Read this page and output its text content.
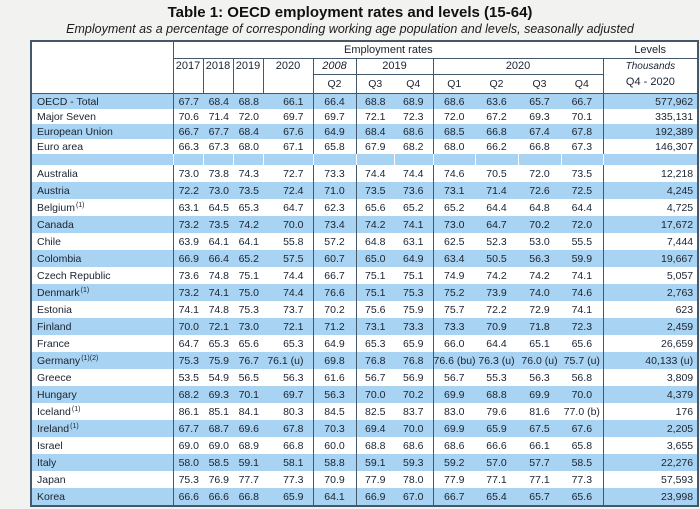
Table 1: OECD employment rates and levels (15-64)
Employment as a percentage of corresponding working age population and levels, seasonally adjusted
	Employment rates											Levels
	2017	2018	2019	2020	2008	2019		2020				Thousands
Q4 - 2020

					Q2	Q3	Q4	Q1	Q2	Q3	Q4	
OECD - Total	67.7	68.4	68.8	66.1	66.4	68.8	68.9	68.6	63.6	65.7	66.7	577,962
Major Seven	70.6	71.4	72.0	69.7	69.7	72.1	72.3	72.0	67.2	69.3	70.1	335,131
European Union	66.7	67.7	68.4	67.6	64.9	68.4	68.6	68.5	66.8	67.4	67.8	192,389
Euro area	66.3	67.3	68.0	67.1	65.8	67.9	68.2	68.0	66.2	66.8	67.3	146,307

Australia	73.0	73.8	74.3	72.7	73.3	74.4	74.4	74.6	70.5	72.0	73.5	12,218
Austria	72.2	73.0	73.5	72.4	71.0	73.5	73.6	73.1	71.4	72.6	72.5	4,245
Belgium$^{(1)}$	63.1	64.5	65.3	64.7	62.3	65.6	65.2	65.2	64.4	64.8	64.4	4,725
Canada	73.2	73.5	74.2	70.0	73.4	74.2	74.1	73.0	64.7	70.2	72.0	17,672
Chile	63.9	64.1	64.1	55.8	57.2	64.8	63.1	62.5	52.3	53.0	55.5	7,444
Colombia	66.9	66.4	65.2	57.5	60.7	65.0	64.9	63.4	50.5	56.3	59.9	19,667
Czech Republic	73.6	74.8	75.1	74.4	66.7	75.1	75.1	74.9	74.2	74.2	74.1	5,057
Denmark$^{(1)}$	73.2	74.1	75.0	74.4	76.6	75.1	75.3	75.2	73.9	74.0	74.6	2,763
Estonia	74.1	74.8	75.3	73.7	70.2	75.6	75.9	75.7	72.2	72.9	74.1	623
Finland	70.0	72.1	73.0	72.1	71.2	73.1	73.3	73.3	70.9	71.8	72.3	2,459
France	64.7	65.3	65.6	65.3	64.9	65.3	65.9	66.0	64.4	65.1	65.6	26,659
Germany$^{(1)(2)}$	75.3	75.9	76.7	76.1 (u)	69.8	76.8	76.8	76.6 (bu)	76.3 (u)	76.0 (u)	75.7 (u)	40,133 (u)
Greece	53.5	54.9	56.5	56.3	61.6	56.7	56.9	56.7	55.3	56.3	56.8	3,809
Hungary	68.2	69.3	70.1	69.7	56.3	70.0	70.2	69.9	68.8	69.9	70.0	4,379
Iceland$^{(1)}$	86.1	85.1	84.1	80.3	84.5	82.5	83.7	83.0	79.6	81.6	77.0 (b)	176
Ireland$^{(1)}$	67.7	68.7	69.6	67.8	70.3	69.4	70.0	69.9	65.9	67.5	67.6	2,205
Israel	69.0	69.0	68.9	66.8	60.0	68.8	68.6	68.6	66.6	66.1	65.8	3,655
Italy	58.0	58.5	59.1	58.1	58.8	59.1	59.3	59.2	57.0	57.7	58.5	22,276
Japan	75.3	76.9	77.7	77.3	70.9	77.9	78.0	77.9	77.1	77.1	77.3	57,593
Korea	66.6	66.6	66.8	65.9	64.1	66.9	67.0	66.7	65.4	65.7	65.6	23,998
